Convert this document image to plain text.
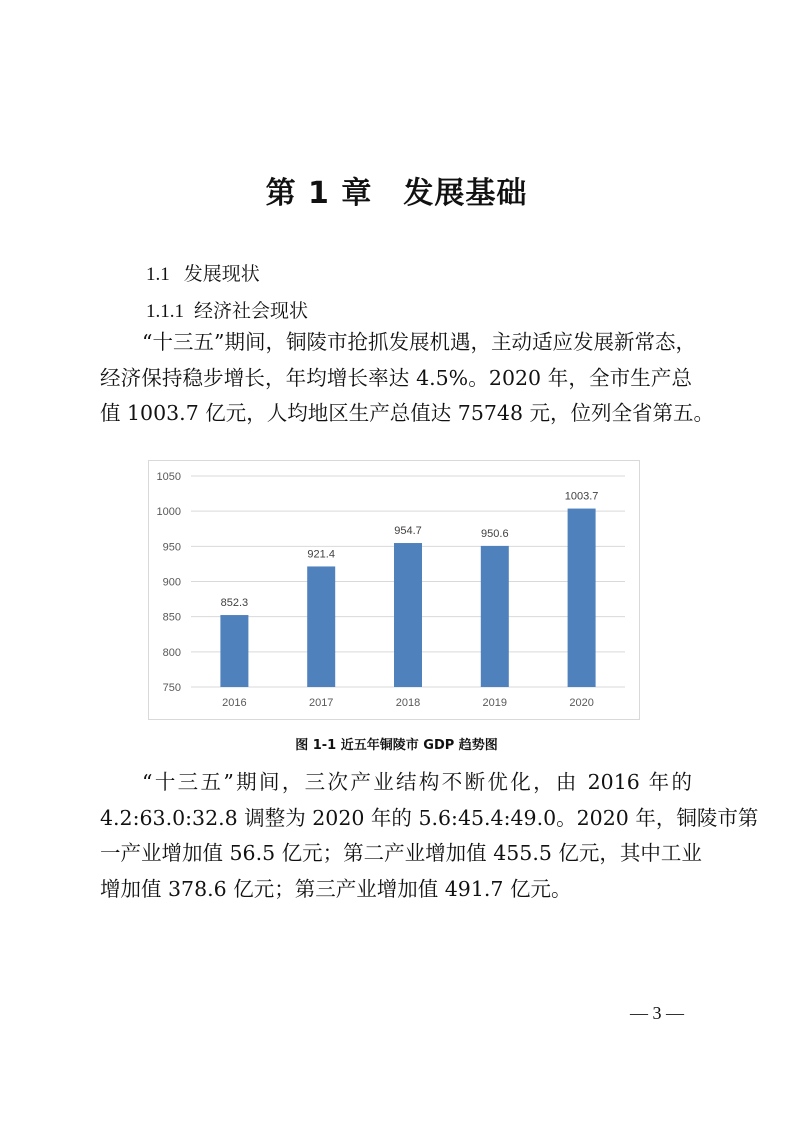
第 1 章　发展基础
1.1 发展现状
1.1.1 经济社会现状
“十三五”期间，铜陵市抢抓发展机遇，主动适应发展新常态，
经济保持稳步增长，年均增长率达 4.5%。2020 年，全市生产总
值 1003.7 亿元，人均地区生产总值达 75748 元，位列全省第五。
750
800
850
900
950
1000
1050
852.3
2016
921.4
2017
954.7
2018
950.6
2019
1003.7
2020
图 1-1 近五年铜陵市 GDP 趋势图
“十三五”期间，三次产业结构不断优化，由 2016 年的
4.2:63.0:32.8 调整为 2020 年的 5.6:45.4:49.0。2020 年，铜陵市第
一产业增加值 56.5 亿元；第二产业增加值 455.5 亿元，其中工业
增加值 378.6 亿元；第三产业增加值 491.7 亿元。
— 3 —
